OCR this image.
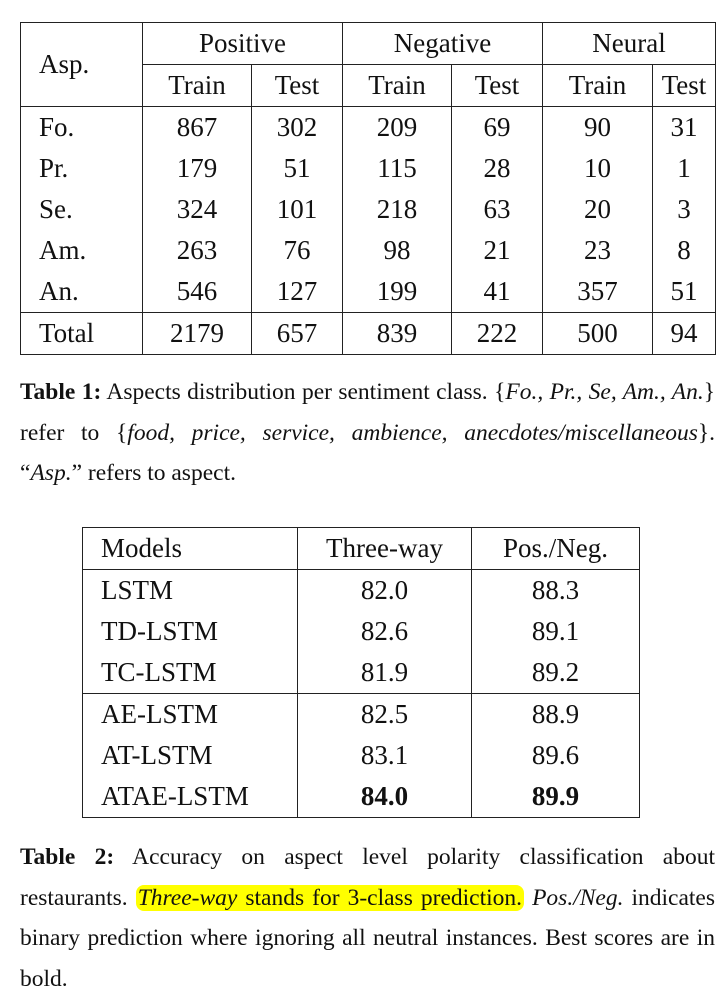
Asp.	Positive		Negative		Neural	
	Train	Test	Train	Test	Train	Test
Fo.	867	302	209	69	90	31
Pr.	179	51	115	28	10	1
Se.	324	101	218	63	20	3
Am.	263	76	98	21	23	8
An.	546	127	199	41	357	51
Total	2179	657	839	222	500	94
Table 1: Aspects distribution per sentiment class. {Fo., Pr., Se, Am., An.} refer to {food, price, service, ambience, anecdotes/miscellaneous}. “Asp.” refers to aspect.
Models	Three-way	Pos./Neg.
LSTM	82.0	88.3
TD-LSTM	82.6	89.1
TC-LSTM	81.9	89.2
AE-LSTM	82.5	88.9
AT-LSTM	83.1	89.6
ATAE-LSTM	84.0	89.9
Table 2: Accuracy on aspect level polarity classification about restaurants. Three-way stands for 3-class prediction. Pos./Neg. indicates binary prediction where ignoring all neutral instances. Best scores are in bold.
